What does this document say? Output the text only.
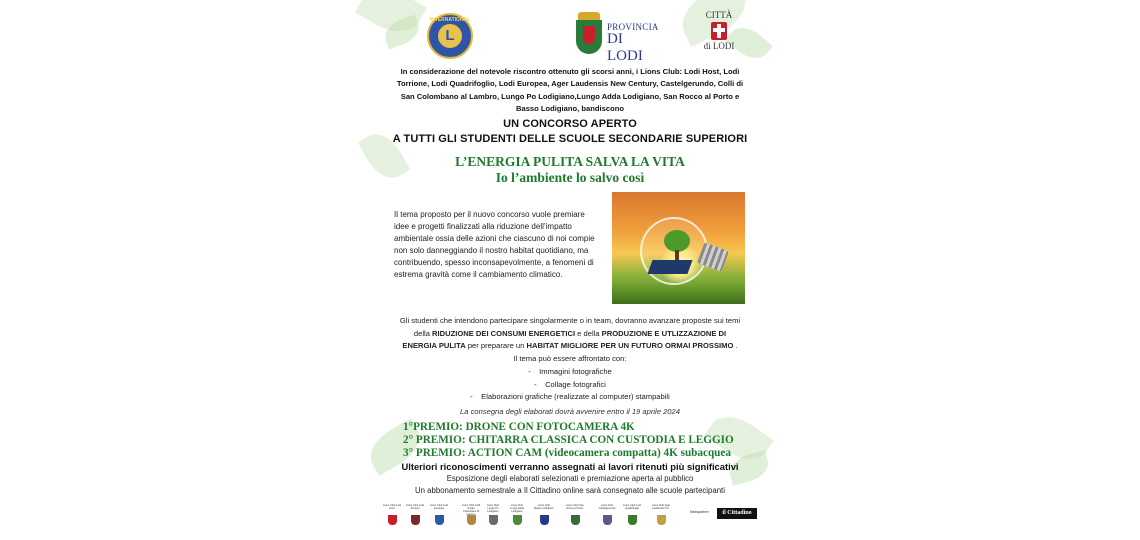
INTERNATIONAL
L	PROVINCIA
DI LODI
CITTÀ
di LODI
In considerazione del notevole riscontro ottenuto gli scorsi anni, i Lions Club: Lodi Host, Lodi Torrione, Lodi Quadrifoglio, Lodi Europea, Ager Laudensis New Century, Castelgerundo, Colli di San Colombano al Lambro, Lungo Po Lodigiano,Lungo Adda Lodigiano, San Rocco al Porto e Basso Lodigiano, bandiscono
UN CONCORSO APERTO
A TUTTI GLI STUDENTI DELLE SCUOLE SECONDARIE SUPERIORI
L’ENERGIA PULITA SALVA LA VITA
Io l’ambiente lo salvo così
Il tema proposto per il nuovo concorso vuole premiare idee e progetti finalizzati alla riduzione dell’impatto ambientale ossia delle azioni che ciascuno di noi compie non solo danneggiando il nostro habitat quotidiano, ma contribuendo, spesso inconsapevolmente, a fenomeni di estrema gravità come il cambiamento climatico.
Gli studenti che intendono partecipare singolarmente o in team, dovranno avanzare proposte sui temi della RIDUZIONE DEI CONSUMI ENERGETICI e della PRODUZIONE E UTLIZZAZIONE DI ENERGIA PULITA per preparare un HABITAT MIGLIORE PER UN FUTURO ORMAI PROSSIMO .
Il tema può essere affrontato con:
-    Immagini fotografiche
-    Collage fotografici
-    Elaborazioni grafiche (realizzate al computer) stampabili
La consegna degli elaborati dovrà avvenire entro il 19 aprile 2024
1°PREMIO: DRONE CON FOTOCAMERA 4K
2° PREMIO: CHITARRA CLASSICA CON CUSTODIA E LEGGIO
3° PREMIO: ACTION CAM (videocamera compatta) 4K subacquea
Ulteriori riconoscimenti verranno assegnati ai lavori ritenuti più significativi
Esposizione degli elaborati selezionati e premiazione aperta al pubblico
Un abbonamento semestrale a Il Cittadino online sarà consegnato alle scuole partecipanti
Lions Club Lodi Host
Lions Club Lodi Torrione
Lions Club Lodi Europea
Lions Club Colli di San Colombano al Lambro
Lions Club Lungo Po Lodigiano
Lions Club Lungo Adda Lodigiano
Lions Club Basso Lodigiano
Lions Club San Rocco al Porto
Lions Club Castelgerundo
Lions Club Lodi Quadrifoglio
Lions Club Ager Laudensis N.C.
Mediapartner	il Cittadino
